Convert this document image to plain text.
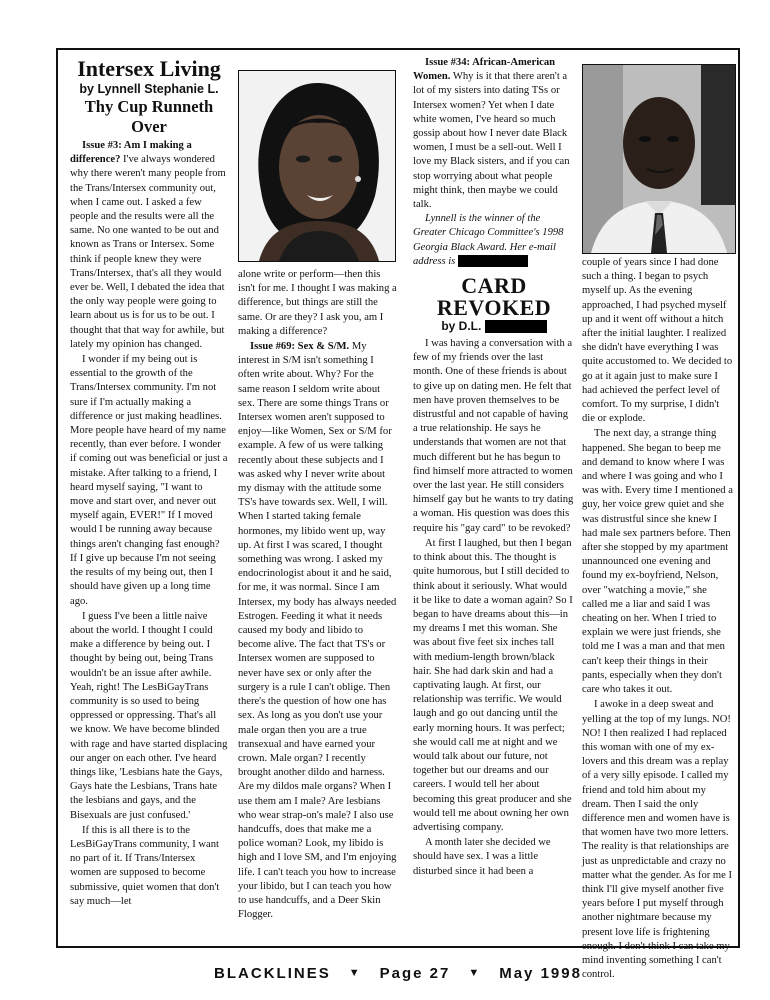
Intersex Living
by Lynnell Stephanie L.
Thy Cup Runneth Over

Issue #3: Am I making a difference? I've always wondered why there weren't many people from the Trans/Intersex community out, when I came out. I asked a few people and the results were all the same. No one wanted to be out and known as Trans or Intersex. Some think if people knew they were Trans/Intersex, that's all they would ever be. Well, I debated the idea that the only way people were going to learn about us is for us to be out. I thought that that way for awhile, but lately my opinion has changed.

I wonder if my being out is essential to the growth of the Trans/Intersex community. I'm not sure if I'm actually making a difference or just making headlines. More people have heard of my name recently, than ever before. I wonder if coming out was beneficial or just a mistake. After talking to a friend, I heard myself saying, "I want to move and start over, and never out myself again, EVER!" If I moved would I be running away because things aren't changing fast enough? If I give up because I'm not seeing the results of my being out, then I should have given up a long time ago.

I guess I've been a little naive about the world. I thought I could make a difference by being out. I thought by being out, being Trans wouldn't be an issue after awhile. Yeah, right! The LesBiGayTrans community is so used to being oppressed or oppressing. That's all we know. We have become blinded with rage and have started displacing our anger on each other. I've heard things like, 'Lesbians hate the Gays, Gays hate the Lesbians, Trans hate the lesbians and gays, and the Bisexuals are just confused.'

If this is all there is to the LesBiGayTrans community, I want no part of it. If Trans/Intersex women are supposed to become submissive, quiet women that don't say much—let

alone write or perform—then this isn't for me. I thought I was making a difference, but things are still the same. Or are they? I ask you, am I making a difference?

Issue #69: Sex & S/M. My interest in S/M isn't something I often write about. Why? For the same reason I seldom write about sex. There are some things Trans or Intersex women aren't supposed to enjoy—like Women, Sex or S/M for example. A few of us were talking recently about these subjects and I was asked why I never write about my dismay with the attitude some TS's have towards sex. Well, I will. When I started taking female hormones, my libido went up, way up. At first I was scared, I thought something was wrong. I asked my endocrinologist about it and he said, for me, it was normal. Since I am Intersex, my body has always needed Estrogen. Feeding it what it needs caused my body and libido to become alive. The fact that TS's or Intersex women are supposed to never have sex or only after the surgery is a rule I can't oblige. Then there's the question of how one has sex. As long as you don't use your male organ then you are a true transexual and have earned your crown. Male organ? I recently brought another dildo and harness. Are my dildos male organs? When I use them am I male? Are lesbians who wear strap-on's male? I also use handcuffs, does that make me a police woman? Look, my libido is high and I love SM, and I'm enjoying life. I can't teach you how to increase your libido, but I can teach you how to use handcuffs, and a Deer Skin Flogger.

Issue #34: African-American Women. Why is it that there aren't a lot of my sisters into dating TSs or Intersex women? Yet when I date white women, I've heard so much gossip about how I never date Black women, I must be a sell-out. Well I love my Black sisters, and if you can stop worrying about what people might think, then maybe we could talk.

Lynnell is the winner of the Greater Chicago Committee's 1998 Georgia Black Award. Her e-mail address is

CARD
REVOKED
by D.L.

I was having a conversation with a few of my friends over the last month. One of these friends is about to give up on dating men. He felt that men have proven themselves to be distrustful and not capable of having a true relationship. He says he understands that women are not that much different but he has begun to find himself more attracted to women over the last year. He still considers himself gay but he wants to try dating a woman. His question was does this require his "gay card" to be revoked?

At first I laughed, but then I began to think about this. The thought is quite humorous, but I still decided to think about it seriously. What would it be like to date a woman again? So I began to have dreams about this—in my dreams I met this woman. She was about five feet six inches tall with medium-length brown/black hair. She had dark skin and had a captivating laugh. At first, our relationship was terrific. We would laugh and go out dancing until the early morning hours. It was perfect; she would call me at night and we would talk about our future, not together but our dreams and our careers. I would tell her about becoming this great producer and she would tell me about owning her own advertising company.

A month later she decided we should have sex. I was a little disturbed since it had been a

couple of years since I had done such a thing. I began to psych myself up. As the evening approached, I had psyched myself up and it went off without a hitch after the initial laughter. I realized she didn't have everything I was quite accustomed to. We decided to go at it again just to make sure I had achieved the perfect level of comfort. To my surprise, I didn't die or explode.

The next day, a strange thing happened. She began to beep me and demand to know where I was and where I was going and who I was with. Every time I mentioned a guy, her voice grew quiet and she was distrustful since she knew I had male sex partners before. Then after she stopped by my apartment unannounced one evening and found my ex-boyfriend, Nelson, over "watching a movie," she called me a liar and said I was cheating on her. When I tried to explain we were just friends, she told me I was a man and that men can't keep their things in their pants, especially when they don't care who takes it out.

I awoke in a deep sweat and yelling at the top of my lungs. NO! NO! I then realized I had replaced this woman with one of my ex-lovers and this dream was a replay of a very silly episode. I called my friend and told him about my dream. Then I said the only difference men and women have is that women have two more letters. The reality is that relationships are just as unpredictable and crazy no matter what the gender. As for me I think I'll give myself another five years before I put myself through another nightmare because my present love life is frightening enough. I don't think I can take my mind inventing something I can't control.

BLACKLINES ▼ Page 27 ▼ May 1998
